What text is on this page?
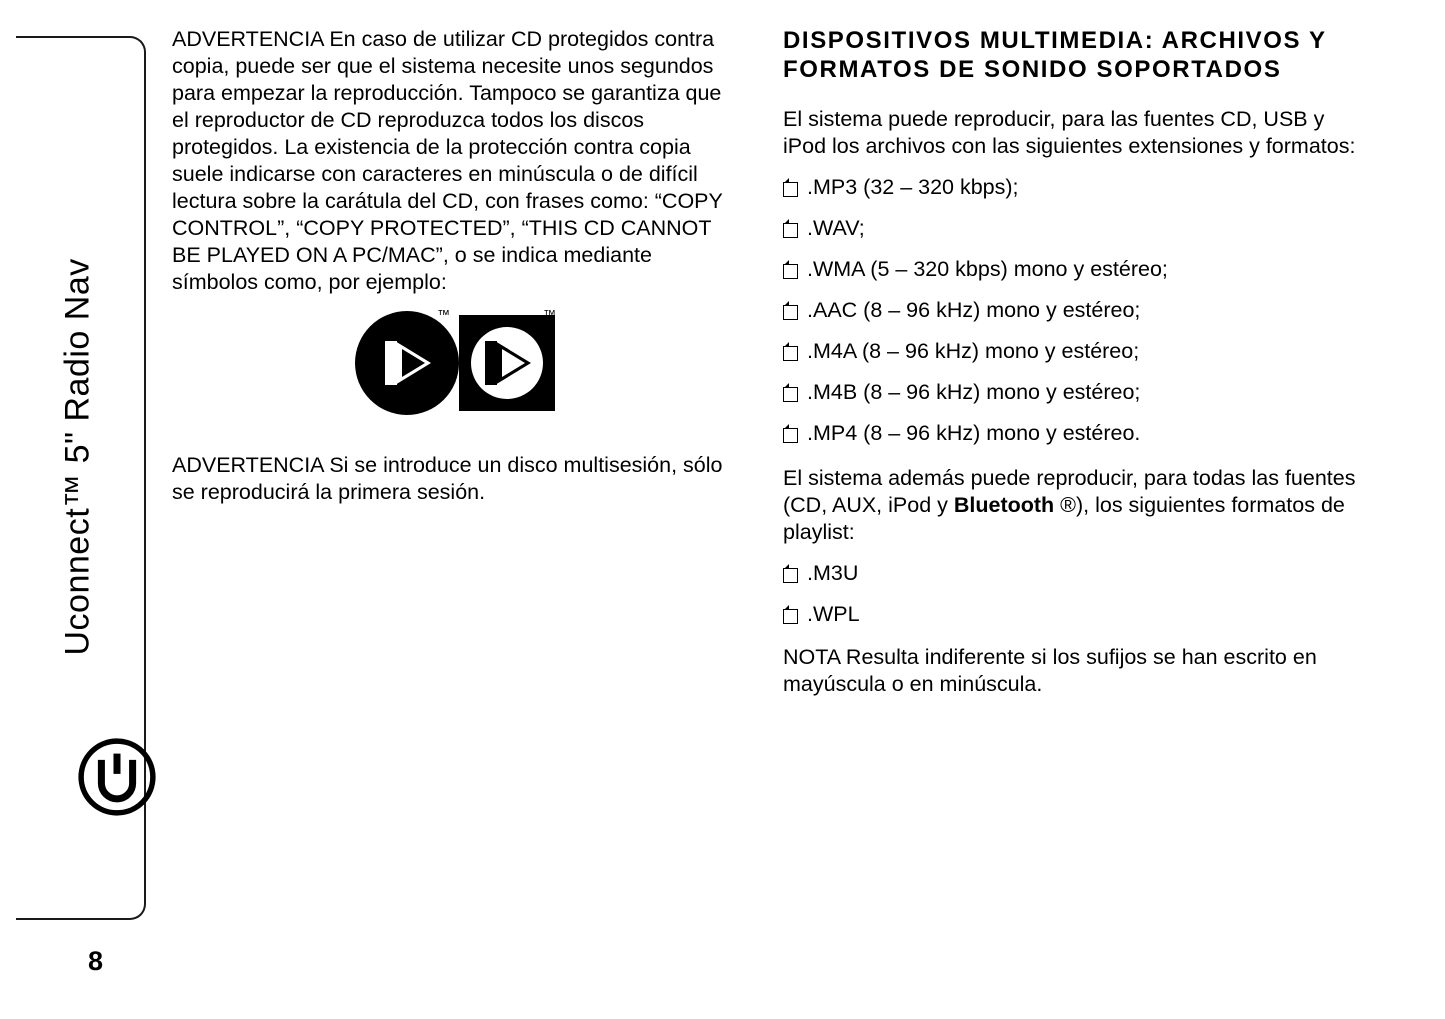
Uconnect™ 5" Radio Nav
8

ADVERTENCIA En caso de utilizar CD protegidos contra copia, puede ser que el sistema necesite unos segundos para empezar la reproducción. Tampoco se garantiza que el reproductor de CD reproduzca todos los discos protegidos. La existencia de la protección contra copia suele indicarse con caracteres en minúscula o de difícil lectura sobre la carátula del CD, con frases como: “COPY CONTROL”, “COPY PROTECTED”, “THIS CD CANNOT BE PLAYED ON A PC/MAC”, o se indica mediante símbolos como, por ejemplo:

™	™

ADVERTENCIA Si se introduce un disco multisesión, sólo se reproducirá la primera sesión.

DISPOSITIVOS MULTIMEDIA: ARCHIVOS Y FORMATOS DE SONIDO SOPORTADOS

El sistema puede reproducir, para las fuentes CD, USB y iPod los archivos con las siguientes extensiones y formatos:

.MP3 (32 – 320 kbps);
.WAV;
.WMA (5 – 320 kbps) mono y estéreo;
.AAC (8 – 96 kHz) mono y estéreo;
.M4A (8 – 96 kHz) mono y estéreo;
.M4B (8 – 96 kHz) mono y estéreo;
.MP4 (8 – 96 kHz) mono y estéreo.

El sistema además puede reproducir, para todas las fuentes (CD, AUX, iPod y Bluetooth ®), los siguientes formatos de playlist:

.M3U
.WPL

NOTA Resulta indiferente si los sufijos se han escrito en mayúscula o en minúscula.
